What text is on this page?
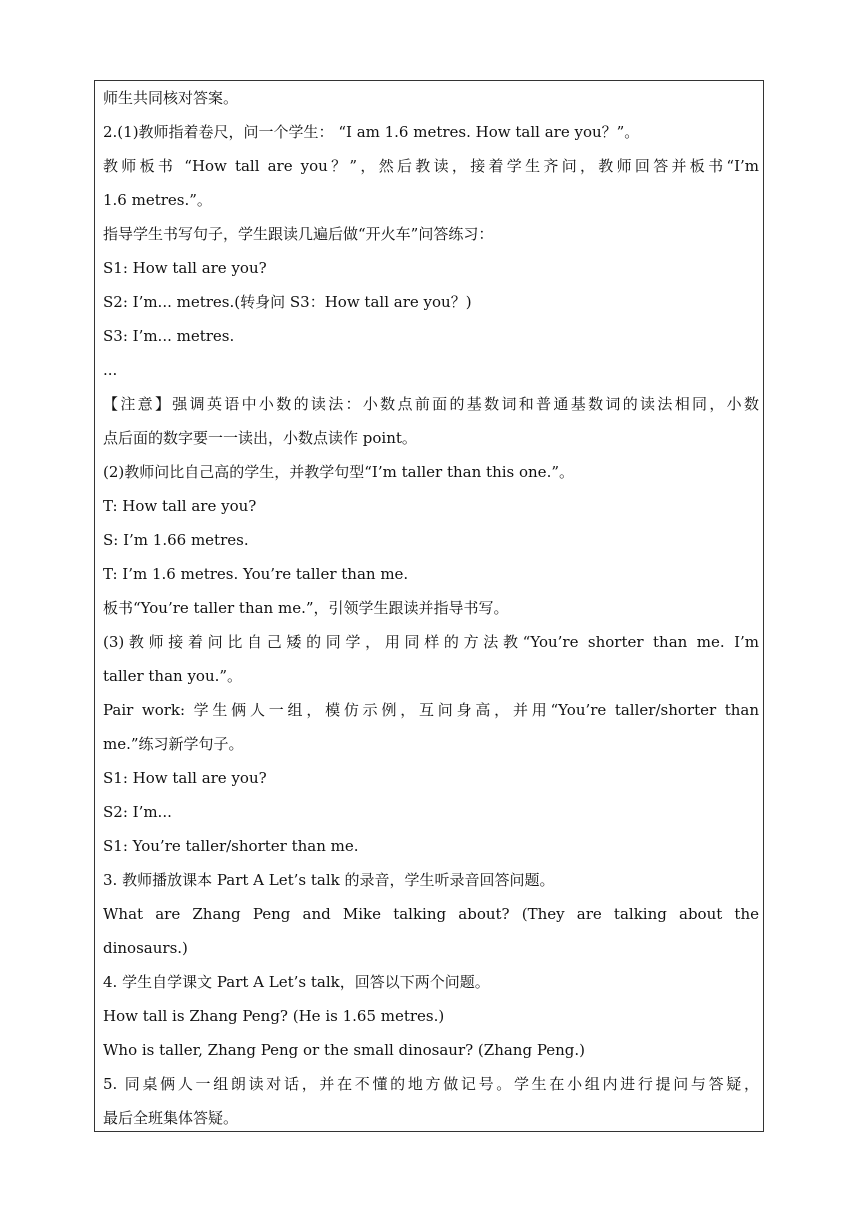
师生共同核对答案。
2.(1)教师指着卷尺，问一个学生： “I am 1.6 metres. How tall are you？”。
教师板书 “How tall are you？”，然后教读，接着学生齐问，教师回答并板书“I’m
1.6 metres.”。
指导学生书写句子，学生跟读几遍后做“开火车”问答练习：
S1: How tall are you?
S2: I’m... metres.(转身问 S3：How tall are you？)
S3: I’m... metres.
...
【注意】强调英语中小数的读法：小数点前面的基数词和普通基数词的读法相同，小数
点后面的数字要一一读出，小数点读作 point。
(2)教师问比自己高的学生，并教学句型“I’m taller than this one.”。
T: How tall are you?
S: I’m 1.66 metres.
T: I’m 1.6 metres. You’re taller than me.
板书“You’re taller than me.”，引领学生跟读并指导书写。
(3)教师接着问比自己矮的同学，用同样的方法教“You’re shorter than me. I’m
taller than you.”。
Pair work: 学生俩人一组，模仿示例，互问身高，并用“You’re taller/shorter than
me.”练习新学句子。
S1: How tall are you?
S2: I’m...
S1: You’re taller/shorter than me.
3. 教师播放课本 Part A Let’s talk 的录音，学生听录音回答问题。
What are Zhang Peng and Mike talking about? (They are talking about the
dinosaurs.)
4. 学生自学课文 Part A Let’s talk，回答以下两个问题。
How tall is Zhang Peng? (He is 1.65 metres.)
Who is taller, Zhang Peng or the small dinosaur? (Zhang Peng.)
5. 同桌俩人一组朗读对话，并在不懂的地方做记号。学生在小组内进行提问与答疑，
最后全班集体答疑。
